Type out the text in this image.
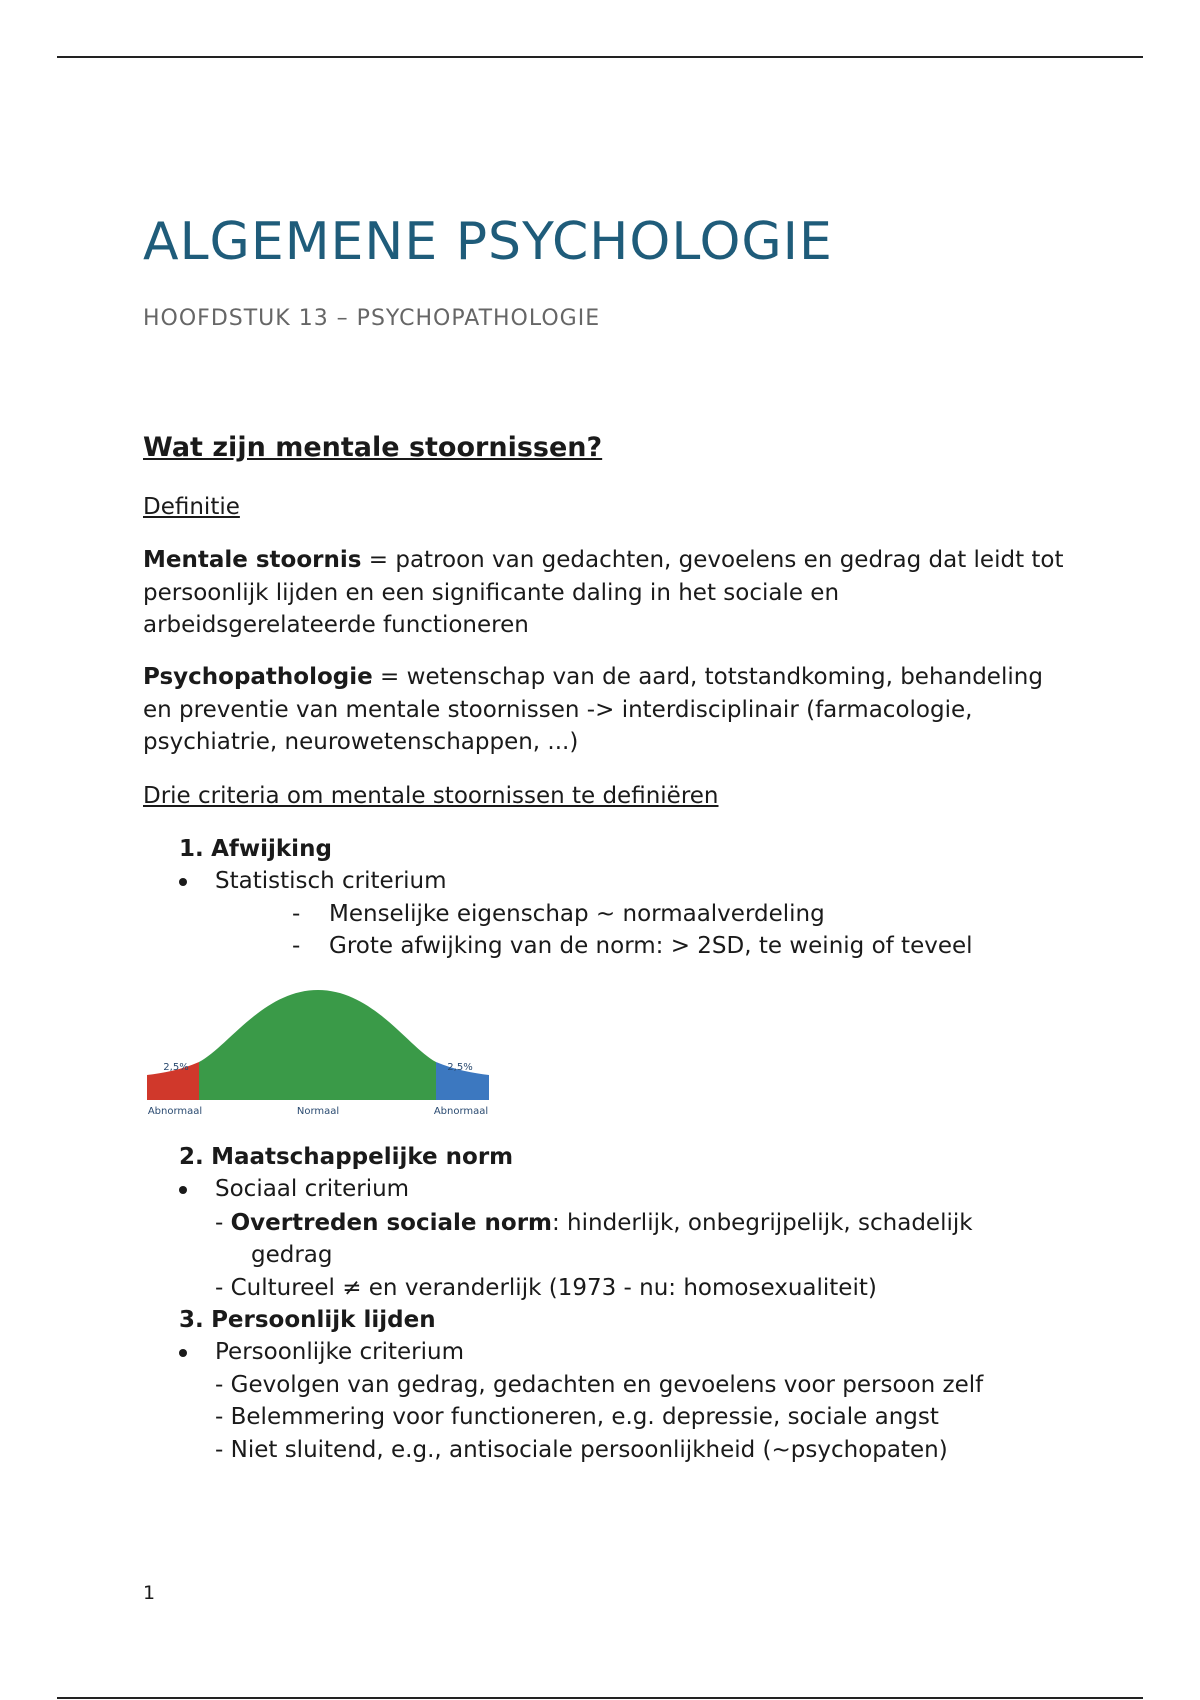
ALGEMENE PSYCHOLOGIE
HOOFDSTUK 13 – PSYCHOPATHOLOGIE
Wat zijn mentale stoornissen?
Definitie
Mentale stoornis = patroon van gedachten, gevoelens en gedrag dat leidt tot persoonlijk lijden en een significante daling in het sociale en arbeidsgerelateerde functioneren
Psychopathologie = wetenschap van de aard, totstandkoming, behandeling en preventie van mentale stoornissen -> interdisciplinair (farmacologie, psychiatrie, neurowetenschappen, ...)
Drie criteria om mentale stoornissen te definiëren
1. Afwijking
Statistisch criterium
- Menselijke eigenschap ~ normaalverdeling
- Grote afwijking van de norm: > 2SD, te weinig of teveel
2,5%	2,5%
Abnormaal	Normaal	Abnormaal
2. Maatschappelijke norm
Sociaal criterium
- Overtreden sociale norm: hinderlijk, onbegrijpelijk, schadelijk
gedrag
- Cultureel ≠ en veranderlijk (1973 - nu: homosexualiteit)
3. Persoonlijk lijden
Persoonlijke criterium
- Gevolgen van gedrag, gedachten en gevoelens voor persoon zelf
- Belemmering voor functioneren, e.g. depressie, sociale angst
- Niet sluitend, e.g., antisociale persoonlijkheid (~psychopaten)
1
